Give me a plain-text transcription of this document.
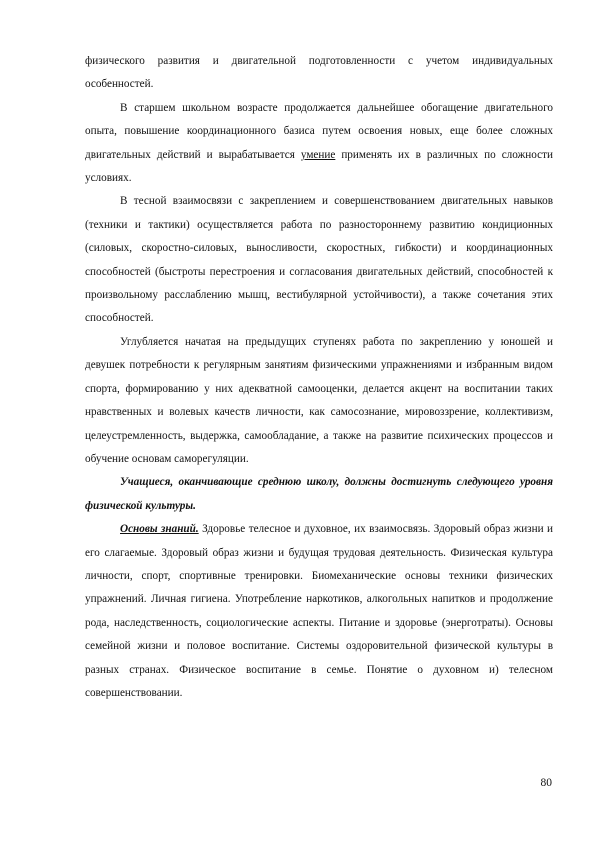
физического развития и двигательной подготовленности с учетом индивидуальных особенностей.

В старшем школьном возрасте продолжается дальнейшее обогащение двигательного опыта, повышение координационного базиса путем освоения новых, еще более сложных двигательных действий и вырабатывается умение применять их в различных по сложности условиях.

В тесной взаимосвязи с закреплением и совершенствованием двигательных навыков (техники и тактики) осуществляется работа по разностороннему развитию кондиционных (силовых, скоростно-силовых, выносливости, скоростных, гибкости) и координационных способностей (быстроты перестроения и согласования двигательных действий, способностей к произвольному расслаблению мышц, вестибулярной устойчивости), а также сочетания этих способностей.

Углубляется начатая на предыдущих ступенях работа по закреплению у юношей и девушек потребности к регулярным занятиям физическими упражнениями и избранным видом спорта, формированию у них адекватной самооценки, делается акцент на воспитании таких нравственных и волевых качеств личности, как самосознание, мировоззрение, коллективизм, целеустремленность, выдержка, самообладание, а также на развитие психических процессов и обучение основам саморегуляции.

Учащиеся, оканчивающие среднюю школу, должны достигнуть следующего уровня физической культуры.

Основы знаний. Здоровье телесное и духовное, их взаимосвязь. Здоровый образ жизни и его слагаемые. Здоровый образ жизни и будущая трудовая деятельность. Физическая культура личности, спорт, спортивные тренировки. Биомеханические основы техники физических упражнений. Личная гигиена. Употребление наркотиков, алкогольных напитков и продолжение рода, наследственность, социологические аспекты. Питание и здоровье (энерготраты). Основы семейной жизни и половое воспитание. Системы оздоровительной физической культуры в разных странах. Физическое воспитание в семье. Понятие о духовном и) телесном совершенствовании.

80
